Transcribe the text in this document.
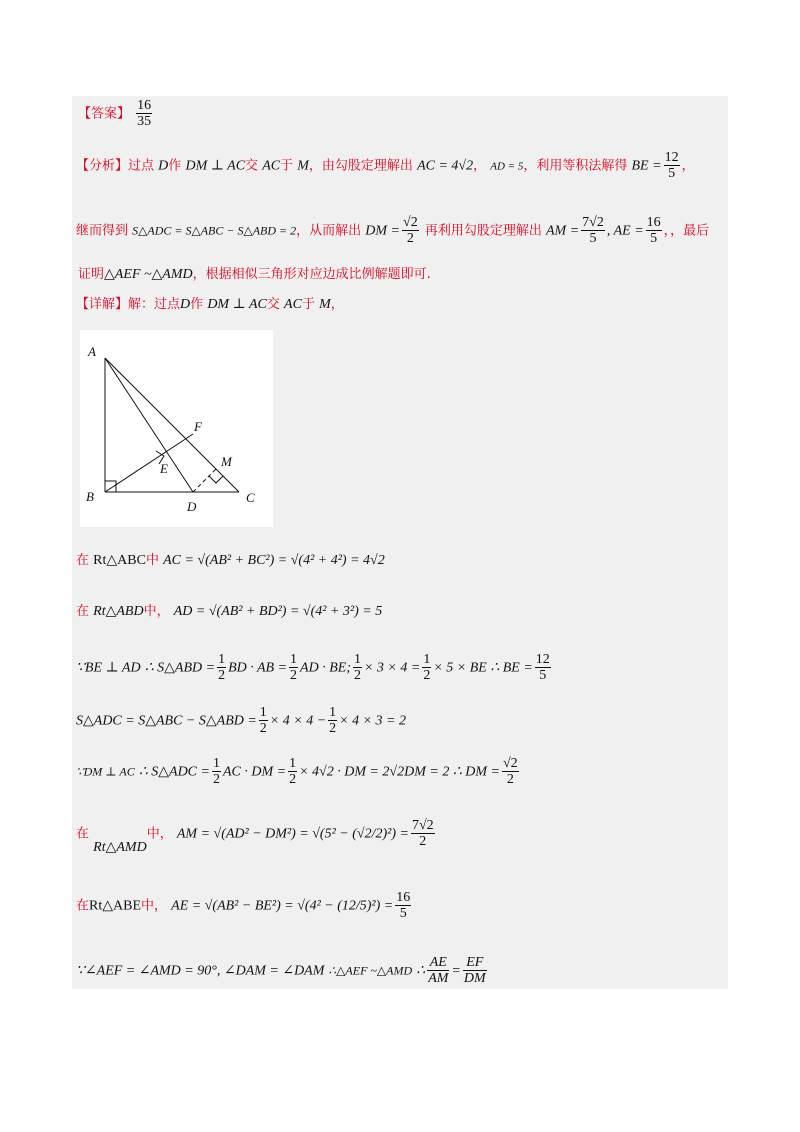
【答案】 $\frac{16}{35}$
【分析】过点 D作 DM ⊥ AC交 AC于 M，由勾股定理解出 AC = 4√2， AD = 5，利用等积法解得 BE = $\frac{12}{5}$ ，
继而得到 S△ADC = S△ABC − S△ABD = 2，从而解出 DM = $\frac{√2}{2}$ 再利用勾股定理解出 AM = $\frac{7√2}{5}$ , AE = $\frac{16}{5}$ ，，最后
证明△AEF ~△AMD，根据相似三角形对应边成比例解题即可.
【详解】解：过点D作 DM ⊥ AC交 AC于 M，
A
B	C
D
E
F
M
在 Rt△ABC中 AC = √(AB² + BC²) = √(4² + 4²) = 4√2
在 Rt△ABD中， AD = √(AB² + BD²) = √(4² + 3²) = 5
∵BE ⊥ AD ∴ S△ABD = $\frac{1}{2}$ BD · AB = $\frac{1}{2}$ AD · BE; $\frac{1}{2} \times 3 \times 4 = \frac{1}{2} \times 5$ × BE ∴ BE = $\frac{12}{5}$
S△ADC = S△ABC − S△ABD = $\frac{1}{2} \times 4 \times 4 - \frac{1}{2} \times 4 \times 3 = 2$
∵DM ⊥ AC ∴ S△ADC = $\frac{1}{2}$ AC · DM = $\frac{1}{2} \times 4√2$ · DM = 2√2DM = 2 ∴ DM = $\frac{√2}{2}$
在 Rt△AMD中， AM = $√(AD^2 - DM^2) = √(5^2 - (√2/2)^2) = \frac{7√2}{2}$
在Rt△ABE中， AE = $√(AB^2 - BE^2) = √(4^2 - (12/5)^2) = \frac{16}{5}$
∵∠AEF = ∠AMD = 90°, ∠DAM = ∠DAM ∴△AEF ~△AMD ∴ $\frac{AE}{AM} = \frac{EF}{DM}$
